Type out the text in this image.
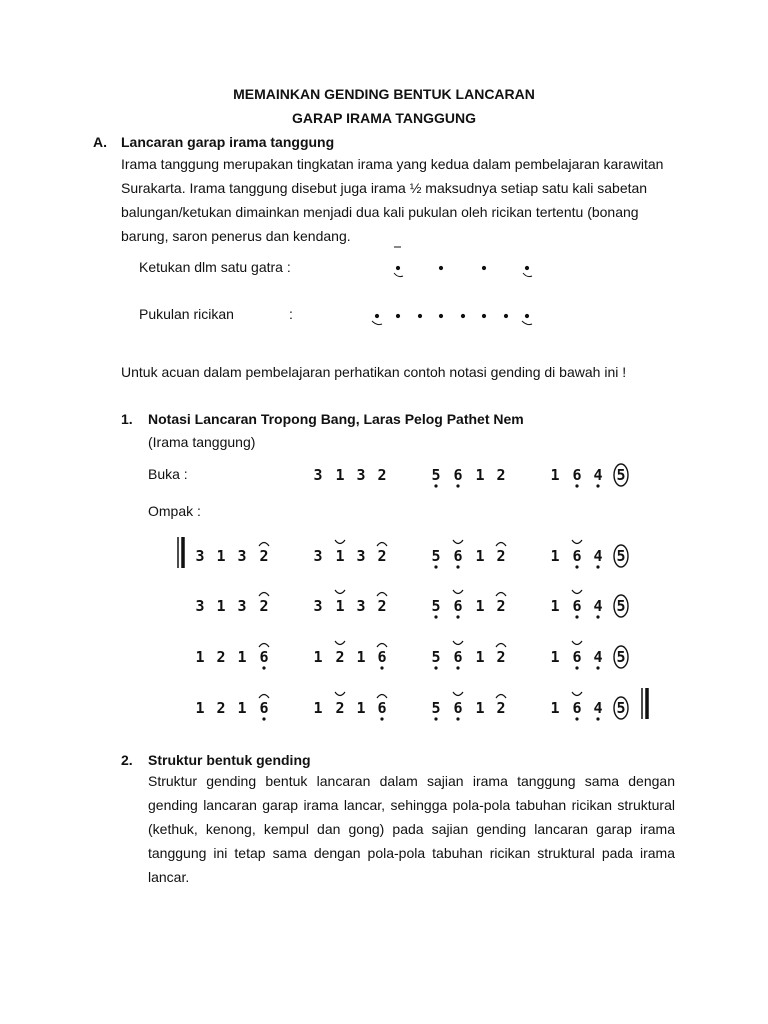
MEMAINKAN GENDING BENTUK LANCARAN
GARAP IRAMA TANGGUNG
A. Lancaran garap irama tanggung
Irama tanggung merupakan tingkatan irama yang kedua dalam pembelajaran karawitan Surakarta. Irama tanggung disebut juga irama ½ maksudnya setiap satu kali sabetan balungan/ketukan dimainkan menjadi dua kali pukulan oleh ricikan tertentu (bonang barung, saron penerus dan kendang.
Ketukan dlm satu gatra :
Pukulan ricikan	:
Untuk acuan dalam pembelajaran perhatikan contoh notasi gending di bawah ini !
1. Notasi Lancaran Tropong Bang, Laras Pelog Pathet Nem
(Irama tanggung)
Buka :
Ompak :
3 1 3 2	5 6 1 2	1 6 4 5
3 1 3 2	3 1 3 2	5 6 1 2	1 6 4 5
3 1 3 2	3 1 3 2	5 6 1 2	1 6 4 5
1 2 1 6	1 2 1 6	5 6 1 2	1 6 4 5
1 2 1 6	1 2 1 6	5 6 1 2	1 6 4 5
2. Struktur bentuk gending
Struktur gending bentuk lancaran dalam sajian irama tanggung sama dengan gending lancaran garap irama lancar, sehingga pola-pola tabuhan ricikan struktural (kethuk, kenong, kempul dan gong) pada sajian gending lancaran garap irama tanggung ini tetap sama dengan pola-pola tabuhan ricikan struktural pada irama lancar.
